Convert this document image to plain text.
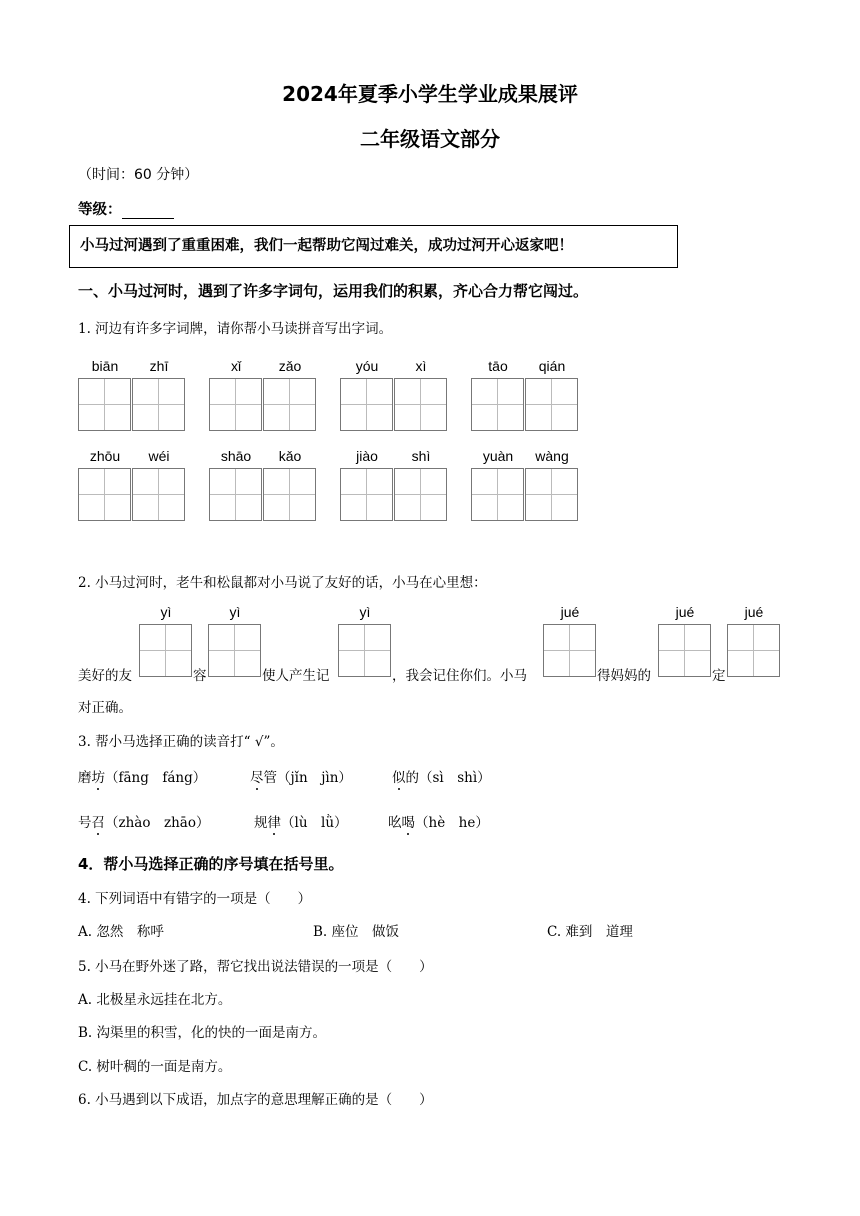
2024年夏季小学生学业成果展评
二年级语文部分
（时间：60 分钟）
等级：
小马过河遇到了重重困难，我们一起帮助它闯过难关，成功过河开心返家吧！
一、小马过河时，遇到了许多字词句，运用我们的积累，齐心合力帮它闯过。
1. 河边有许多字词牌，请你帮小马读拼音写出字词。
biān	zhī	xǐ	zǎo	yóu	xì	tāo	qián
zhōu	wéi	shāo	kǎo	jiào	shì	yuàn	wàng
2. 小马过河时，老牛和松鼠都对小马说了友好的话，小马在心里想：
yì	yì	yì	jué	jué	jué
美好的友	容	使人产生记	，我会记住你们。小马	得妈妈的	定
对正确。
3. 帮小马选择正确的读音打“ √”。
磨坊（fāng　fáng）	尽管（jǐn　jìn）	似的（sì　shì）
号召（zhào　zhāo）	规律（lù　lǜ）	吆喝（hè　he）
4．帮小马选择正确的序号填在括号里。
4. 下列词语中有错字的一项是（　　）
A. 忽然　称呼	B. 座位　做饭	C. 难到　道理
5. 小马在野外迷了路，帮它找出说法错误的一项是（　　）
A. 北极星永远挂在北方。
B. 沟渠里的积雪，化的快的一面是南方。
C. 树叶稠的一面是南方。
6. 小马遇到以下成语，加点字的意思理解正确的是（　　）
